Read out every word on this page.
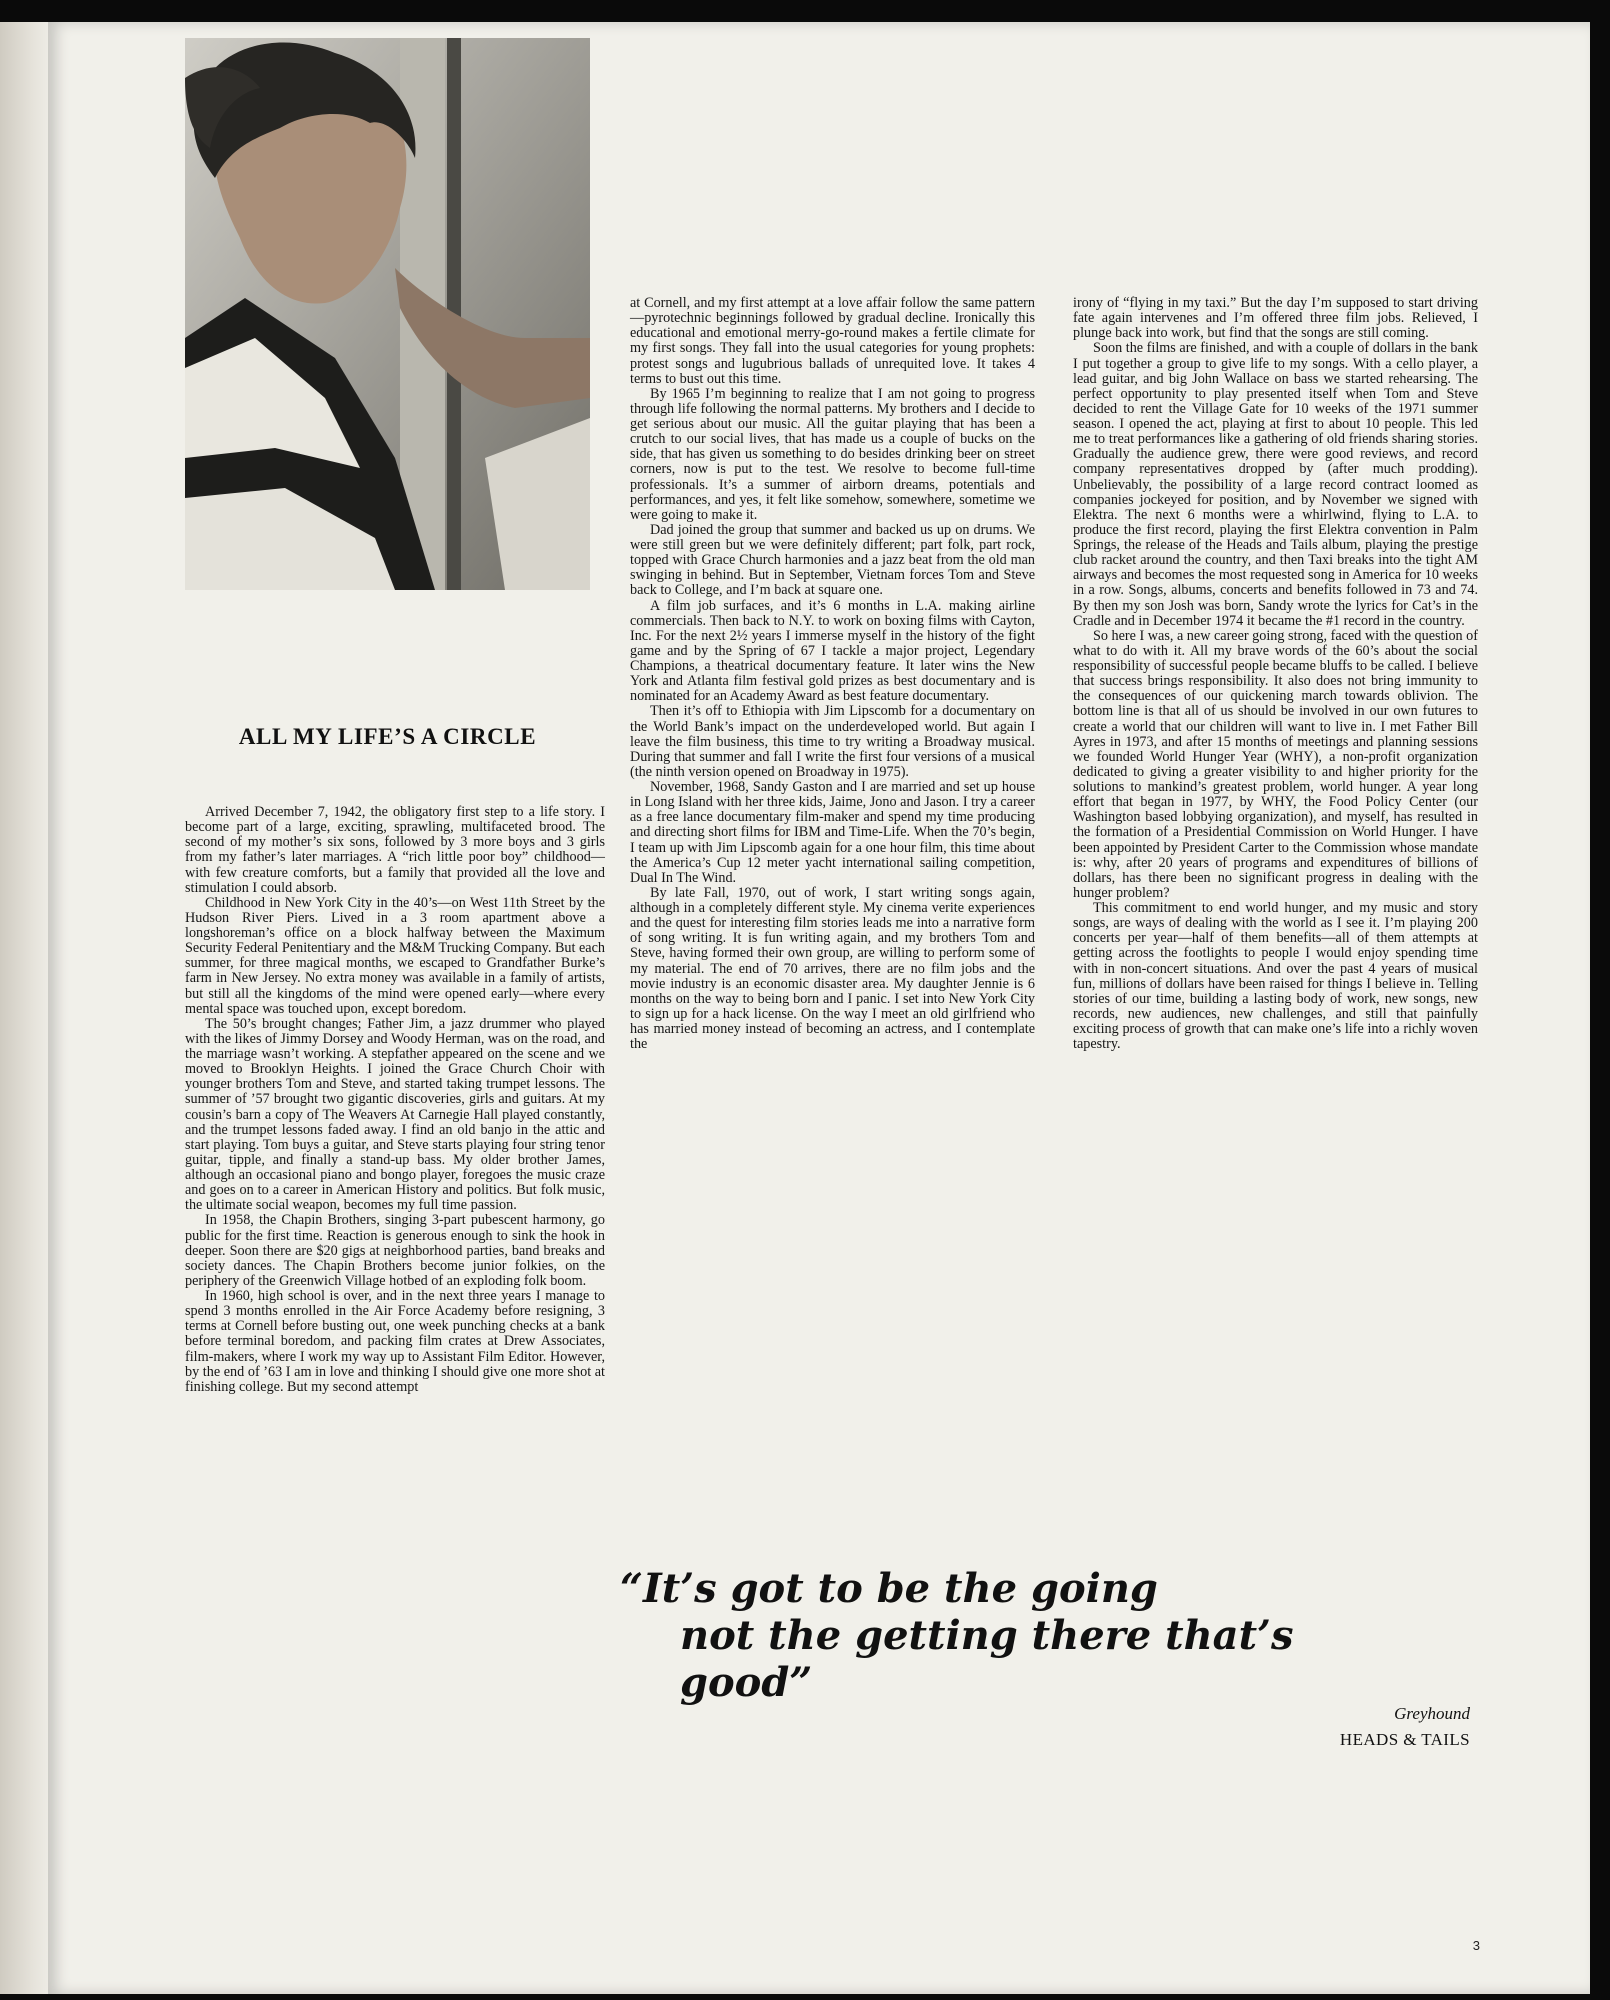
ALL MY LIFE’S A CIRCLE

Arrived December 7, 1942, the obligatory first step to a life story. I become part of a large, exciting, sprawling, multifaceted brood. The second of my mother’s six sons, followed by 3 more boys and 3 girls from my father’s later marriages. A “rich little poor boy” childhood—with few creature comforts, but a family that provided all the love and stimulation I could absorb.

Childhood in New York City in the 40’s—on West 11th Street by the Hudson River Piers. Lived in a 3 room apartment above a longshoreman’s office on a block halfway between the Maximum Security Federal Penitentiary and the M&M Trucking Company. But each summer, for three magical months, we escaped to Grandfather Burke’s farm in New Jersey. No extra money was available in a family of artists, but still all the kingdoms of the mind were opened early—where every mental space was touched upon, except boredom.

The 50’s brought changes; Father Jim, a jazz drummer who played with the likes of Jimmy Dorsey and Woody Herman, was on the road, and the marriage wasn’t working. A stepfather appeared on the scene and we moved to Brooklyn Heights. I joined the Grace Church Choir with younger brothers Tom and Steve, and started taking trumpet lessons. The summer of ’57 brought two gigantic discoveries, girls and guitars. At my cousin’s barn a copy of The Weavers At Carnegie Hall played constantly, and the trumpet lessons faded away. I find an old banjo in the attic and start playing. Tom buys a guitar, and Steve starts playing four string tenor guitar, tipple, and finally a stand-up bass. My older brother James, although an occasional piano and bongo player, foregoes the music craze and goes on to a career in American History and politics. But folk music, the ultimate social weapon, becomes my full time passion.

In 1958, the Chapin Brothers, singing 3-part pubescent harmony, go public for the first time. Reaction is generous enough to sink the hook in deeper. Soon there are $20 gigs at neighborhood parties, band breaks and society dances. The Chapin Brothers become junior folkies, on the periphery of the Greenwich Village hotbed of an exploding folk boom.

In 1960, high school is over, and in the next three years I manage to spend 3 months enrolled in the Air Force Academy before resigning, 3 terms at Cornell before busting out, one week punching checks at a bank before terminal boredom, and packing film crates at Drew Associates, film-makers, where I work my way up to Assistant Film Editor. However, by the end of ’63 I am in love and thinking I should give one more shot at finishing college. But my second attempt

at Cornell, and my first attempt at a love affair follow the same pattern—pyrotechnic beginnings followed by gradual decline. Ironically this educational and emotional merry-go-round makes a fertile climate for my first songs. They fall into the usual categories for young prophets: protest songs and lugubrious ballads of unrequited love. It takes 4 terms to bust out this time.

By 1965 I’m beginning to realize that I am not going to progress through life following the normal patterns. My brothers and I decide to get serious about our music. All the guitar playing that has been a crutch to our social lives, that has made us a couple of bucks on the side, that has given us something to do besides drinking beer on street corners, now is put to the test. We resolve to become full-time professionals. It’s a summer of airborn dreams, potentials and performances, and yes, it felt like somehow, somewhere, sometime we were going to make it.

Dad joined the group that summer and backed us up on drums. We were still green but we were definitely different; part folk, part rock, topped with Grace Church harmonies and a jazz beat from the old man swinging in behind. But in September, Vietnam forces Tom and Steve back to College, and I’m back at square one.

A film job surfaces, and it’s 6 months in L.A. making airline commercials. Then back to N.Y. to work on boxing films with Cayton, Inc. For the next 2½ years I immerse myself in the history of the fight game and by the Spring of 67 I tackle a major project, Legendary Champions, a theatrical documentary feature. It later wins the New York and Atlanta film festival gold prizes as best documentary and is nominated for an Academy Award as best feature documentary.

Then it’s off to Ethiopia with Jim Lipscomb for a documentary on the World Bank’s impact on the underdeveloped world. But again I leave the film business, this time to try writing a Broadway musical. During that summer and fall I write the first four versions of a musical (the ninth version opened on Broadway in 1975).

November, 1968, Sandy Gaston and I are married and set up house in Long Island with her three kids, Jaime, Jono and Jason. I try a career as a free lance documentary film-maker and spend my time producing and directing short films for IBM and Time-Life. When the 70’s begin, I team up with Jim Lipscomb again for a one hour film, this time about the America’s Cup 12 meter yacht international sailing competition, Dual In The Wind.

By late Fall, 1970, out of work, I start writing songs again, although in a completely different style. My cinema verite experiences and the quest for interesting film stories leads me into a narrative form of song writing. It is fun writing again, and my brothers Tom and Steve, having formed their own group, are willing to perform some of my material. The end of 70 arrives, there are no film jobs and the movie industry is an economic disaster area. My daughter Jennie is 6 months on the way to being born and I panic. I set into New York City to sign up for a hack license. On the way I meet an old girlfriend who has married money instead of becoming an actress, and I contemplate the

irony of “flying in my taxi.” But the day I’m supposed to start driving fate again intervenes and I’m offered three film jobs. Relieved, I plunge back into work, but find that the songs are still coming.

Soon the films are finished, and with a couple of dollars in the bank I put together a group to give life to my songs. With a cello player, a lead guitar, and big John Wallace on bass we started rehearsing. The perfect opportunity to play presented itself when Tom and Steve decided to rent the Village Gate for 10 weeks of the 1971 summer season. I opened the act, playing at first to about 10 people. This led me to treat performances like a gathering of old friends sharing stories. Gradually the audience grew, there were good reviews, and record company representatives dropped by (after much prodding). Unbelievably, the possibility of a large record contract loomed as companies jockeyed for position, and by November we signed with Elektra. The next 6 months were a whirlwind, flying to L.A. to produce the first record, playing the first Elektra convention in Palm Springs, the release of the Heads and Tails album, playing the prestige club racket around the country, and then Taxi breaks into the tight AM airways and becomes the most requested song in America for 10 weeks in a row. Songs, albums, concerts and benefits followed in 73 and 74. By then my son Josh was born, Sandy wrote the lyrics for Cat’s in the Cradle and in December 1974 it became the #1 record in the country.

So here I was, a new career going strong, faced with the question of what to do with it. All my brave words of the 60’s about the social responsibility of successful people became bluffs to be called. I believe that success brings responsibility. It also does not bring immunity to the consequences of our quickening march towards oblivion. The bottom line is that all of us should be involved in our own futures to create a world that our children will want to live in. I met Father Bill Ayres in 1973, and after 15 months of meetings and planning sessions we founded World Hunger Year (WHY), a non-profit organization dedicated to giving a greater visibility to and higher priority for the solutions to mankind’s greatest problem, world hunger. A year long effort that began in 1977, by WHY, the Food Policy Center (our Washington based lobbying organization), and myself, has resulted in the formation of a Presidential Commission on World Hunger. I have been appointed by President Carter to the Commission whose mandate is: why, after 20 years of programs and expenditures of billions of dollars, has there been no significant progress in dealing with the hunger problem?

This commitment to end world hunger, and my music and story songs, are ways of dealing with the world as I see it. I’m playing 200 concerts per year—half of them benefits—all of them attempts at getting across the footlights to people I would enjoy spending time with in non-concert situations. And over the past 4 years of musical fun, millions of dollars have been raised for things I believe in. Telling stories of our time, building a lasting body of work, new songs, new records, new audiences, new challenges, and still that painfully exciting process of growth that can make one’s life into a richly woven tapestry.

“It’s got to be the going
not the getting there that’s good”
Greyhound
HEADS & TAILS
3
